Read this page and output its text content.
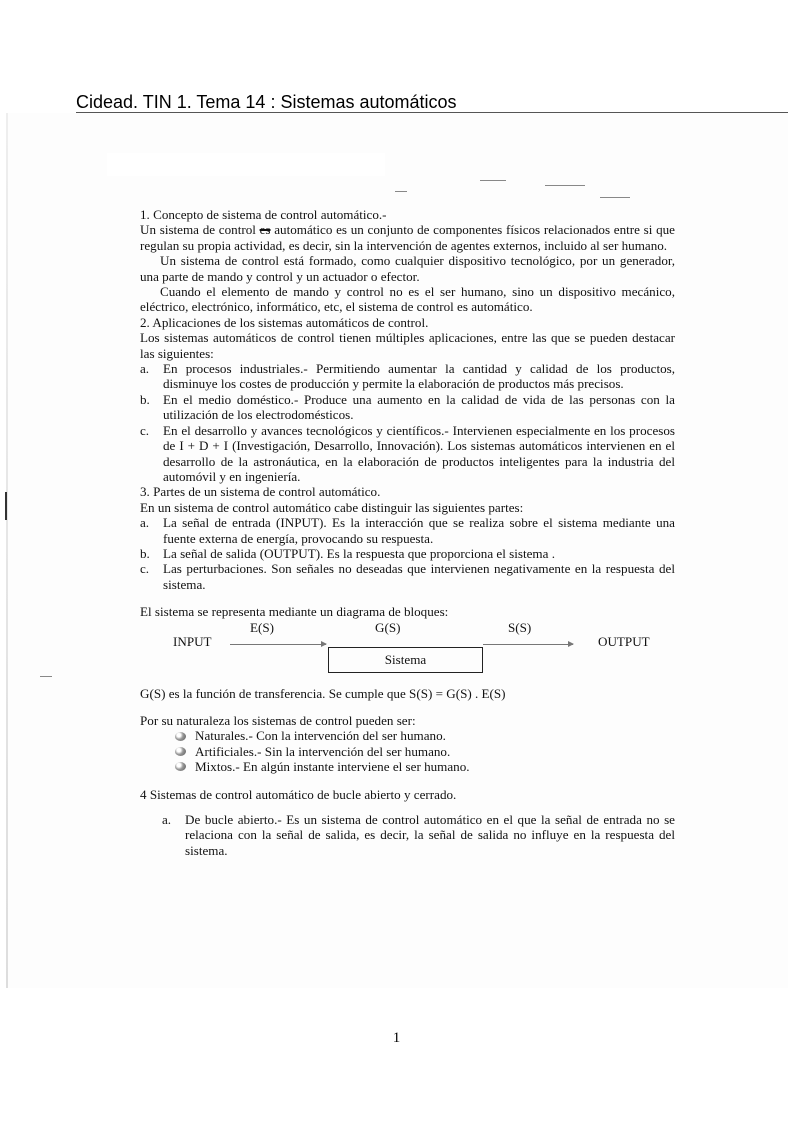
Cidead. TIN 1. Tema 14 : Sistemas automáticos

1. Concepto de sistema de control automático.-

Un sistema de control es automático es un conjunto de componentes físicos relacionados entre si que regulan su propia actividad, es decir, sin la intervención de agentes externos, incluido al ser humano.

Un sistema de control está formado, como cualquier dispositivo tecnológico, por un generador, una parte de mando y control y un actuador o efector.

Cuando el elemento de mando y control no es el ser humano, sino un dispositivo mecánico, eléctrico, electrónico, informático, etc, el sistema de control es automático.

2. Aplicaciones de los sistemas automáticos de control.

Los sistemas automáticos de control tienen múltiples aplicaciones, entre las que se pueden destacar las siguientes:

a.	En procesos industriales.- Permitiendo aumentar la cantidad y calidad de los productos, disminuye los costes de producción y permite la elaboración de productos más precisos.
b.	En el medio doméstico.- Produce una aumento en la calidad de vida de las personas con la utilización de los electrodomésticos.
c.	En el desarrollo y avances tecnológicos y científicos.- Intervienen especialmente en los procesos de I + D + I (Investigación, Desarrollo, Innovación). Los sistemas automáticos intervienen en el desarrollo de la astronáutica, en la elaboración de productos inteligentes para la industria del automóvil y en ingeniería.

3. Partes de un sistema de control automático.

En un sistema de control automático cabe distinguir las siguientes partes:

a.	La señal de entrada (INPUT). Es la interacción que se realiza sobre el sistema mediante una fuente externa de energía, provocando su respuesta.
b.	La señal de salida (OUTPUT). Es la respuesta que proporciona el sistema .
c.	Las perturbaciones. Son señales no deseadas que intervienen negativamente en la respuesta del sistema.

El sistema se representa mediante un diagrama de bloques:

E(S)	G(S)	S(S)
INPUT	OUTPUT
Sistema

G(S) es la función de transferencia. Se cumple que S(S) = G(S) . E(S)

Por su naturaleza los sistemas de control pueden ser:

Naturales.- Con la intervención del ser humano.
Artificiales.- Sin la intervención del ser humano.
Mixtos.- En algún instante interviene el ser humano.

4 Sistemas de control automático de bucle abierto y cerrado.

a.	De bucle abierto.- Es un sistema de control automático en el que la señal de entrada no se relaciona con la señal de salida, es decir, la señal de salida no influye en la respuesta del sistema.
1
